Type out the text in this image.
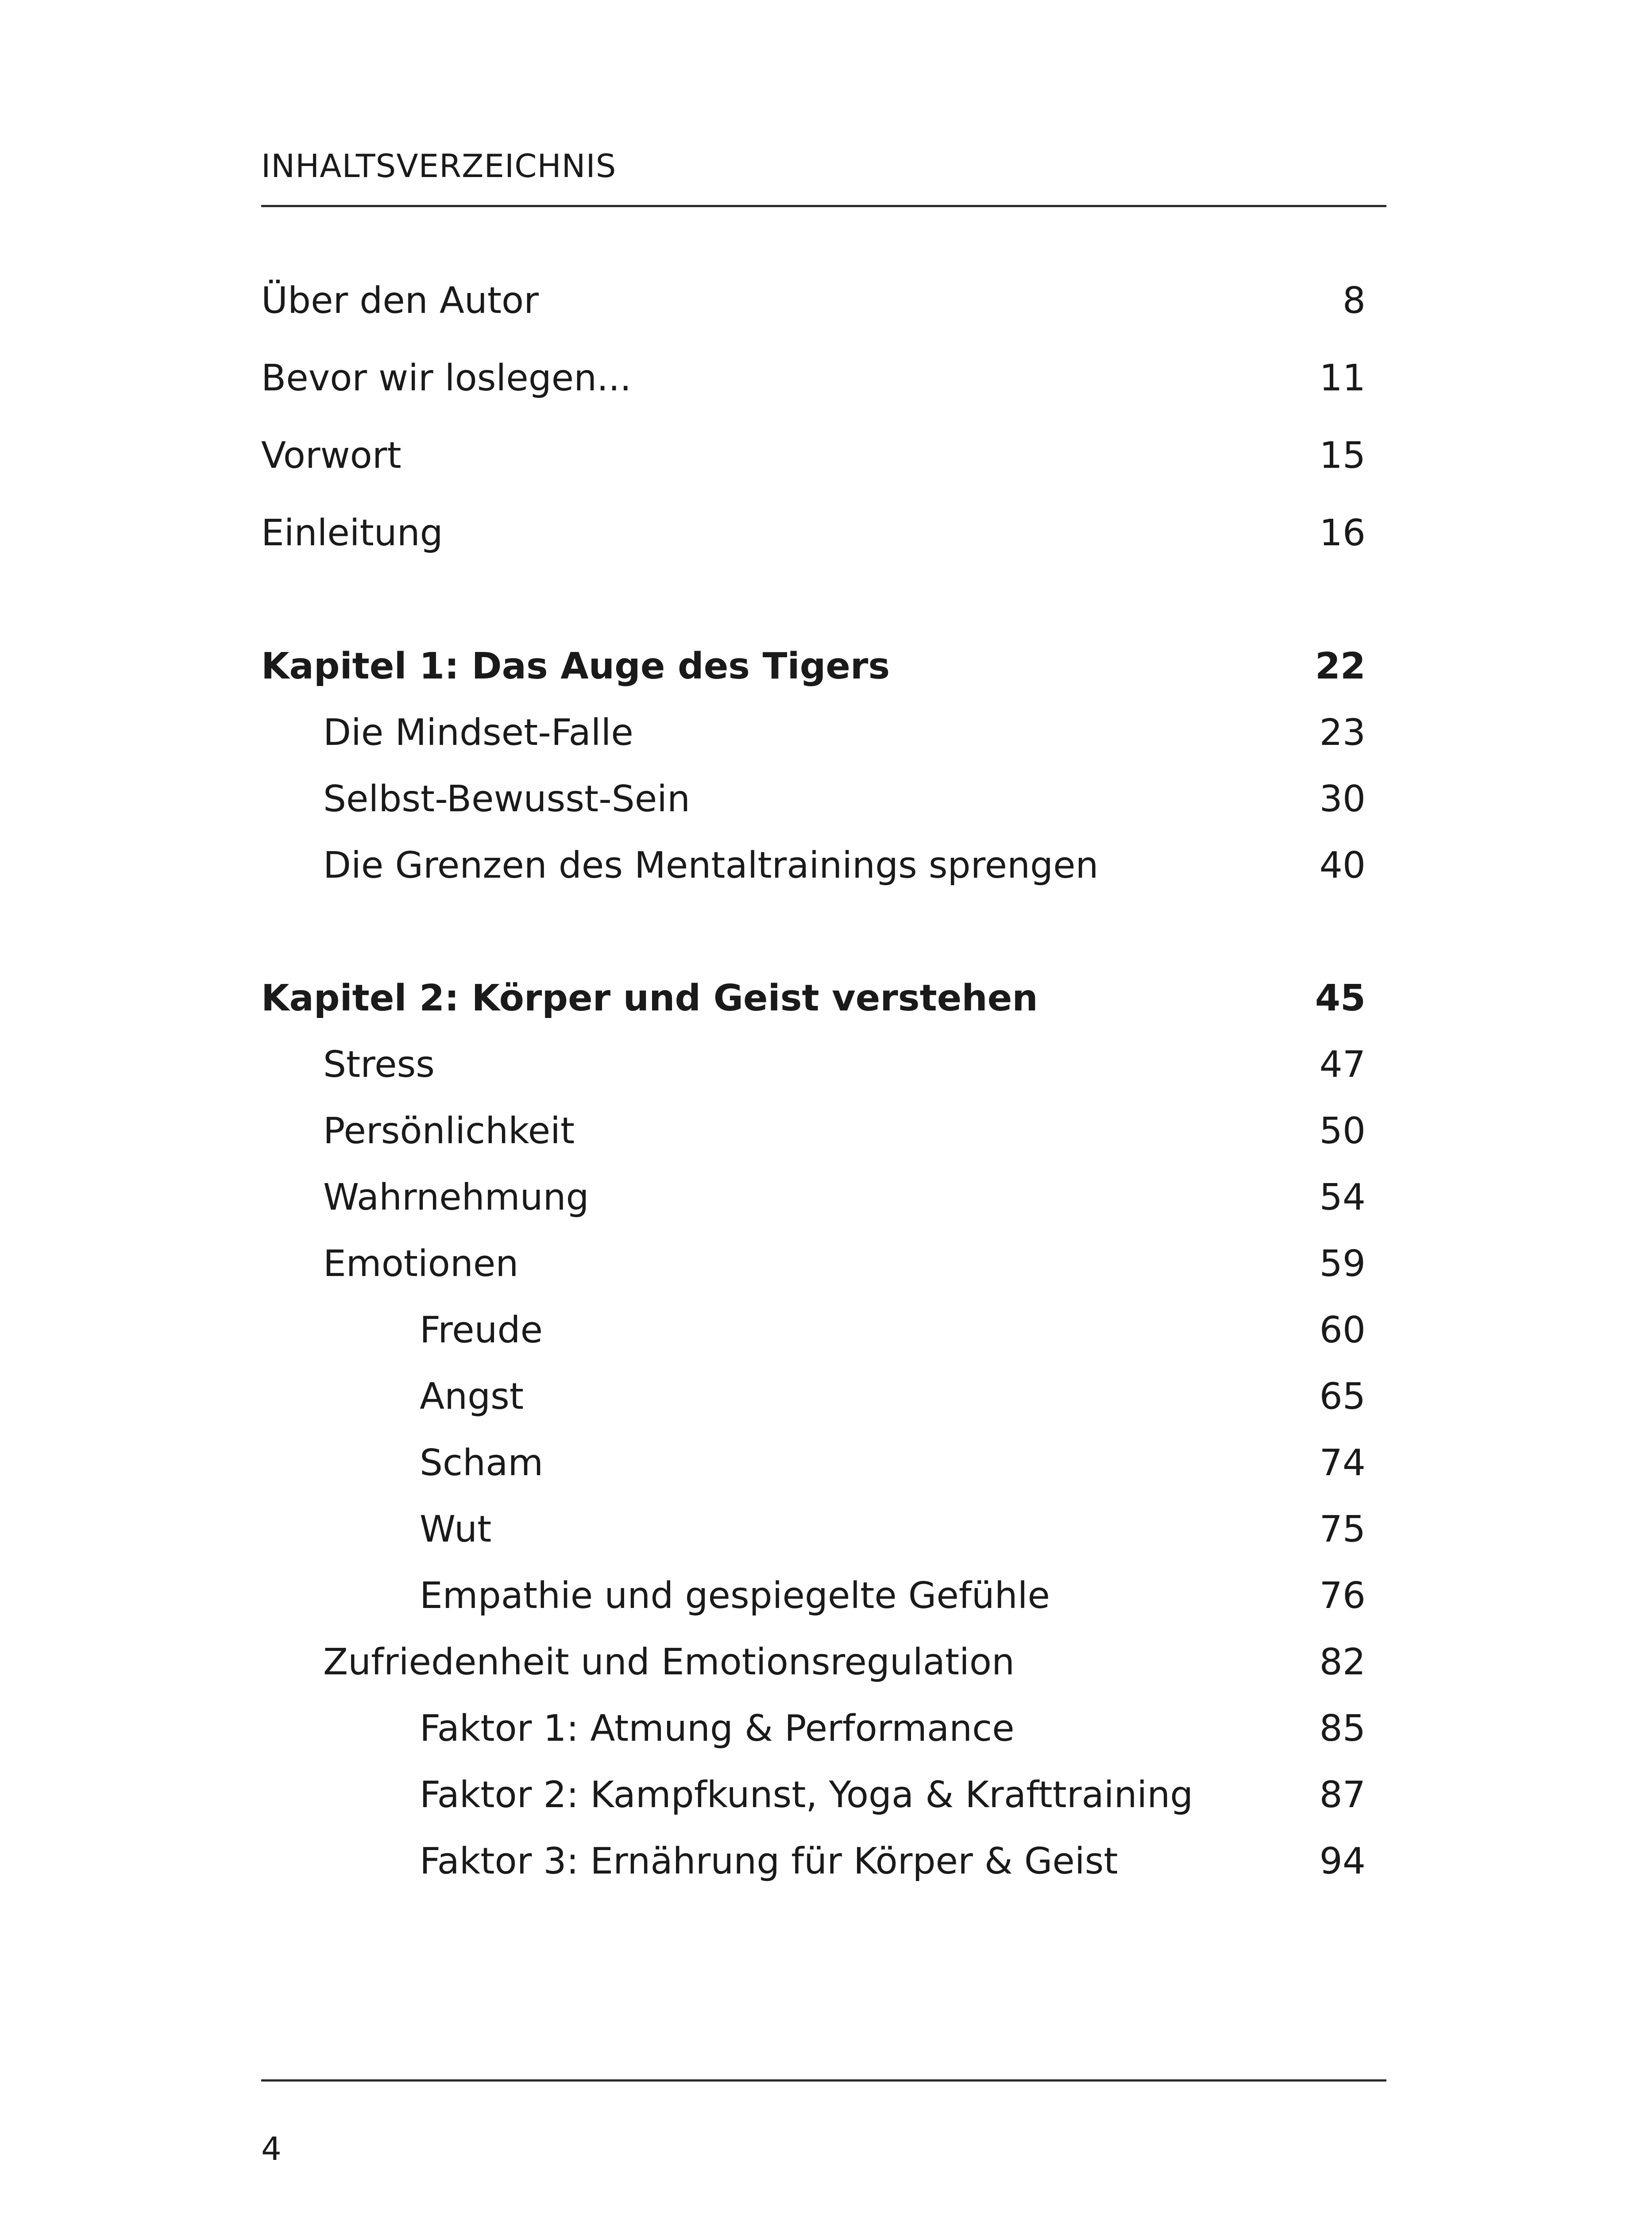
INHALTSVERZEICHNIS
Über den Autor	8
Bevor wir loslegen...	11
Vorwort	15
Einleitung	16
Kapitel 1: Das Auge des Tigers	22
Die Mindset-Falle	23
Selbst-Bewusst-Sein	30
Die Grenzen des Mentaltrainings sprengen	40
Kapitel 2: Körper und Geist verstehen	45
Stress	47
Persönlichkeit	50
Wahrnehmung	54
Emotionen	59
Freude	60
Angst	65
Scham	74
Wut	75
Empathie und gespiegelte Gefühle	76
Zufriedenheit und Emotionsregulation	82
Faktor 1: Atmung & Performance	85
Faktor 2: Kampfkunst, Yoga & Krafttraining	87
Faktor 3: Ernährung für Körper & Geist	94
4
